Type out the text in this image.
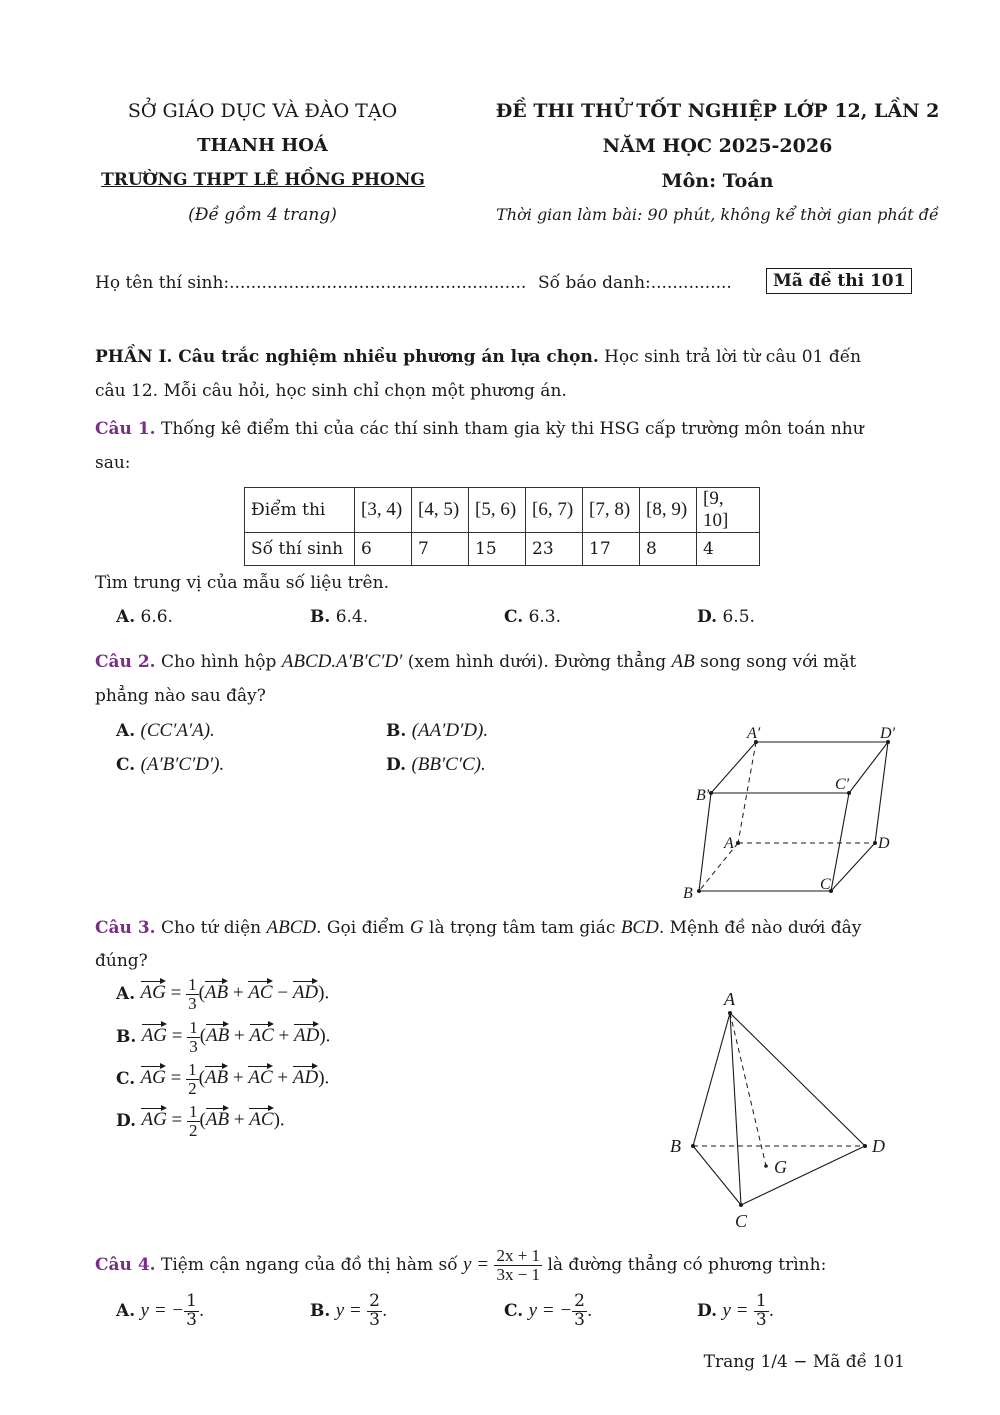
SỞ GIÁO DỤC VÀ ĐÀO TẠO
THANH HOÁ
TRƯỜNG THPT LÊ HỒNG PHONG
(Đề gồm 4 trang)
ĐỀ THI THỬ TỐT NGHIỆP LỚP 12, LẦN 2
NĂM HỌC 2025-2026
Môn: Toán
Thời gian làm bài: 90 phút, không kể thời gian phát đề
Họ tên thí sinh:....................................................... Số báo danh:...............	Mã đề thi 101
PHẦN I. Câu trắc nghiệm nhiều phương án lựa chọn. Học sinh trả lời từ câu 01 đến
câu 12. Mỗi câu hỏi, học sinh chỉ chọn một phương án.
Câu 1. Thống kê điểm thi của các thí sinh tham gia kỳ thi HSG cấp trường môn toán như
sau:
Điểm thi	[3, 4)	[4, 5)	[5, 6)	[6, 7)	[7, 8)	[8, 9)	[9, 10]
Số thí sinh	6	7	15	23	17	8	4
Tìm trung vị của mẫu số liệu trên.
A. 6.6.	B. 6.4.	C. 6.3.	D. 6.5.
Câu 2. Cho hình hộp ABCD.A′B′C′D′ (xem hình dưới). Đường thẳng AB song song với mặt
phẳng nào sau đây?
A. (CC′A′A).	B. (AA′D′D).
C. (A′B′C′D′).	D. (BB′C′C).
A′	D′
B′
C′
A	D
C
B
Câu 3. Cho tứ diện ABCD. Gọi điểm G là trọng tâm tam giác BCD. Mệnh đề nào dưới đây
đúng?
A.
AG = $\frac{1}{3} (AB$ + AC − AD).
B.
AG = $\frac{1}{3} (AB$ + AC + AD).
C.
AG = $\frac{1}{2} (AB$ + AC + AD).
D.
AG = $\frac{1}{2} (AB + AC)$.
A
B
C
D
G
Câu 4.
Tiệm cận ngang của đồ thị hàm số
y =
$\frac{2x + 1}{3x - 1}$
là đường thẳng có phương trình:
A.
y = − $\frac{1}{3}$ .	B.
y =
$\frac{2}{3}$ .	C.
y = − $\frac{2}{3}$ .	D.
y =
$\frac{1}{3}$ .
Trang 1/4 − Mã đề 101
